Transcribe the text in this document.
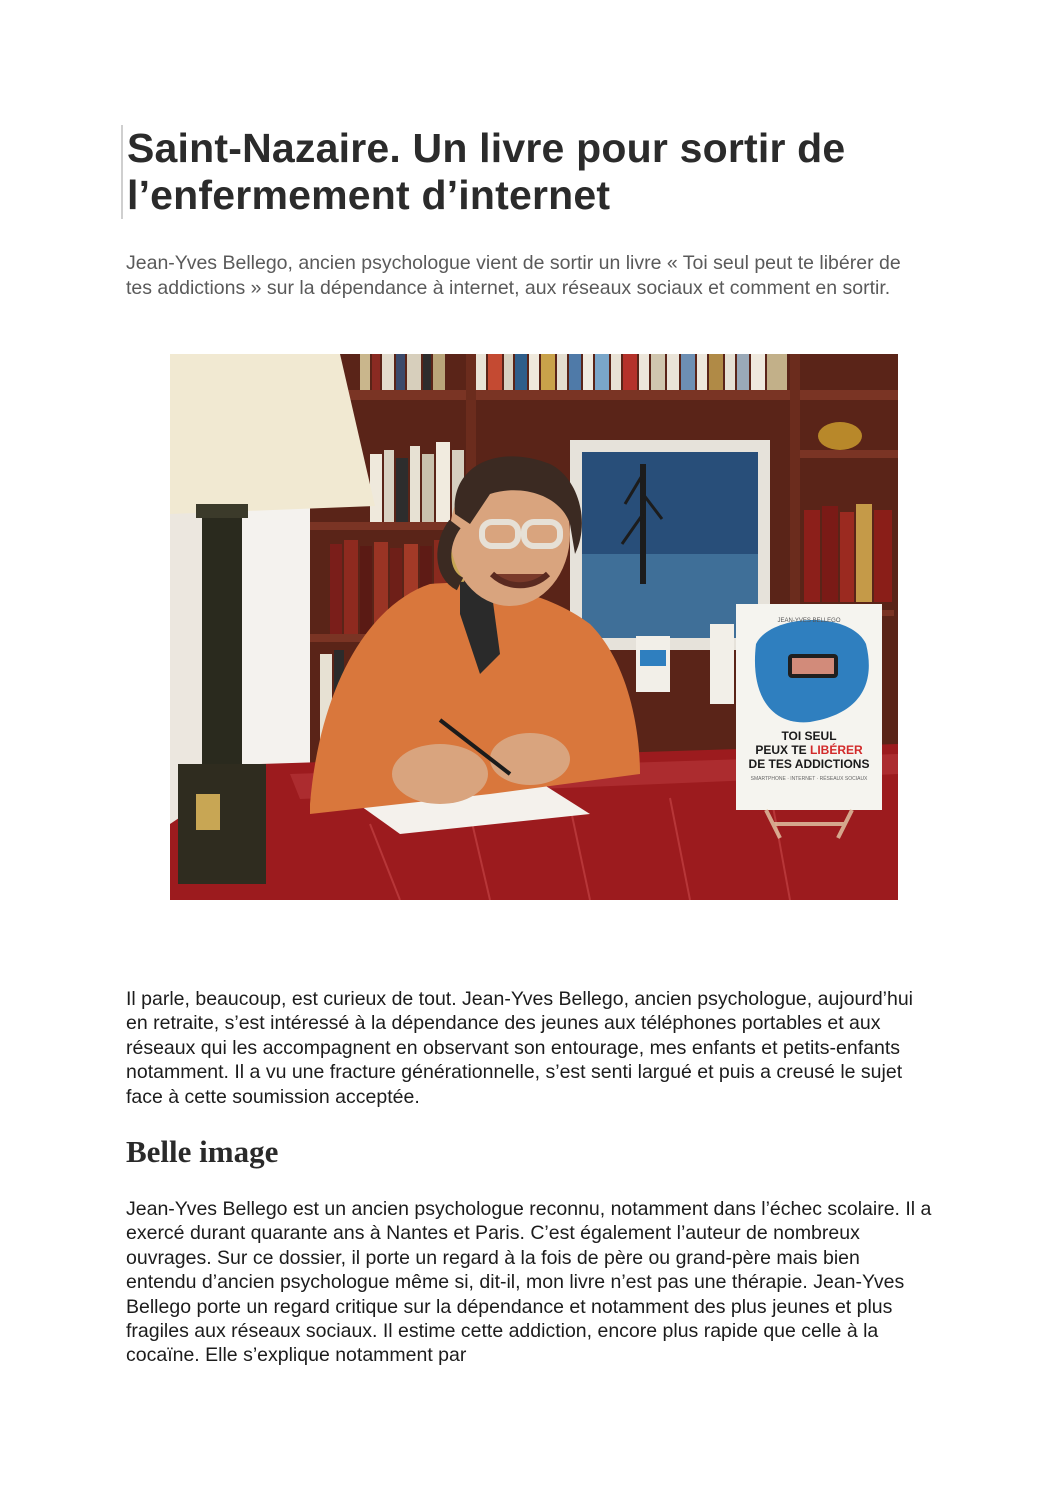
Saint-Nazaire. Un livre pour sortir de l’enfermement d’internet

Jean-Yves Bellego, ancien psychologue vient de sortir un livre « Toi seul peut te libérer de tes addictions » sur la dépendance à internet, aux réseaux sociaux et comment en sortir.

JEAN-YVES BELLEGO
TOI SEUL
PEUX TE LIBÉRER
DE TES ADDICTIONS
SMARTPHONE · INTERNET · RÉSEAUX SOCIAUX

Il parle, beaucoup, est curieux de tout. Jean-Yves Bellego, ancien psychologue, aujourd’hui en retraite, s’est intéressé à la dépendance des jeunes aux téléphones portables et aux réseaux qui les accompagnent en observant son entourage, mes enfants et petits-enfants notamment. Il a vu une fracture générationnelle, s’est senti largué et puis a creusé le sujet face à cette soumission acceptée.

Belle image

Jean-Yves Bellego est un ancien psychologue reconnu, notamment dans l’échec scolaire. Il a exercé durant quarante ans à Nantes et Paris. C’est également l’auteur de nombreux ouvrages. Sur ce dossier, il porte un regard à la fois de père ou grand-père mais bien entendu d’ancien psychologue même si, dit-il, mon livre n’est pas une thérapie. Jean-Yves Bellego porte un regard critique sur la dépendance et notamment des plus jeunes et plus fragiles aux réseaux sociaux. Il estime cette addiction, encore plus rapide que celle à la cocaïne. Elle s’explique notamment par
